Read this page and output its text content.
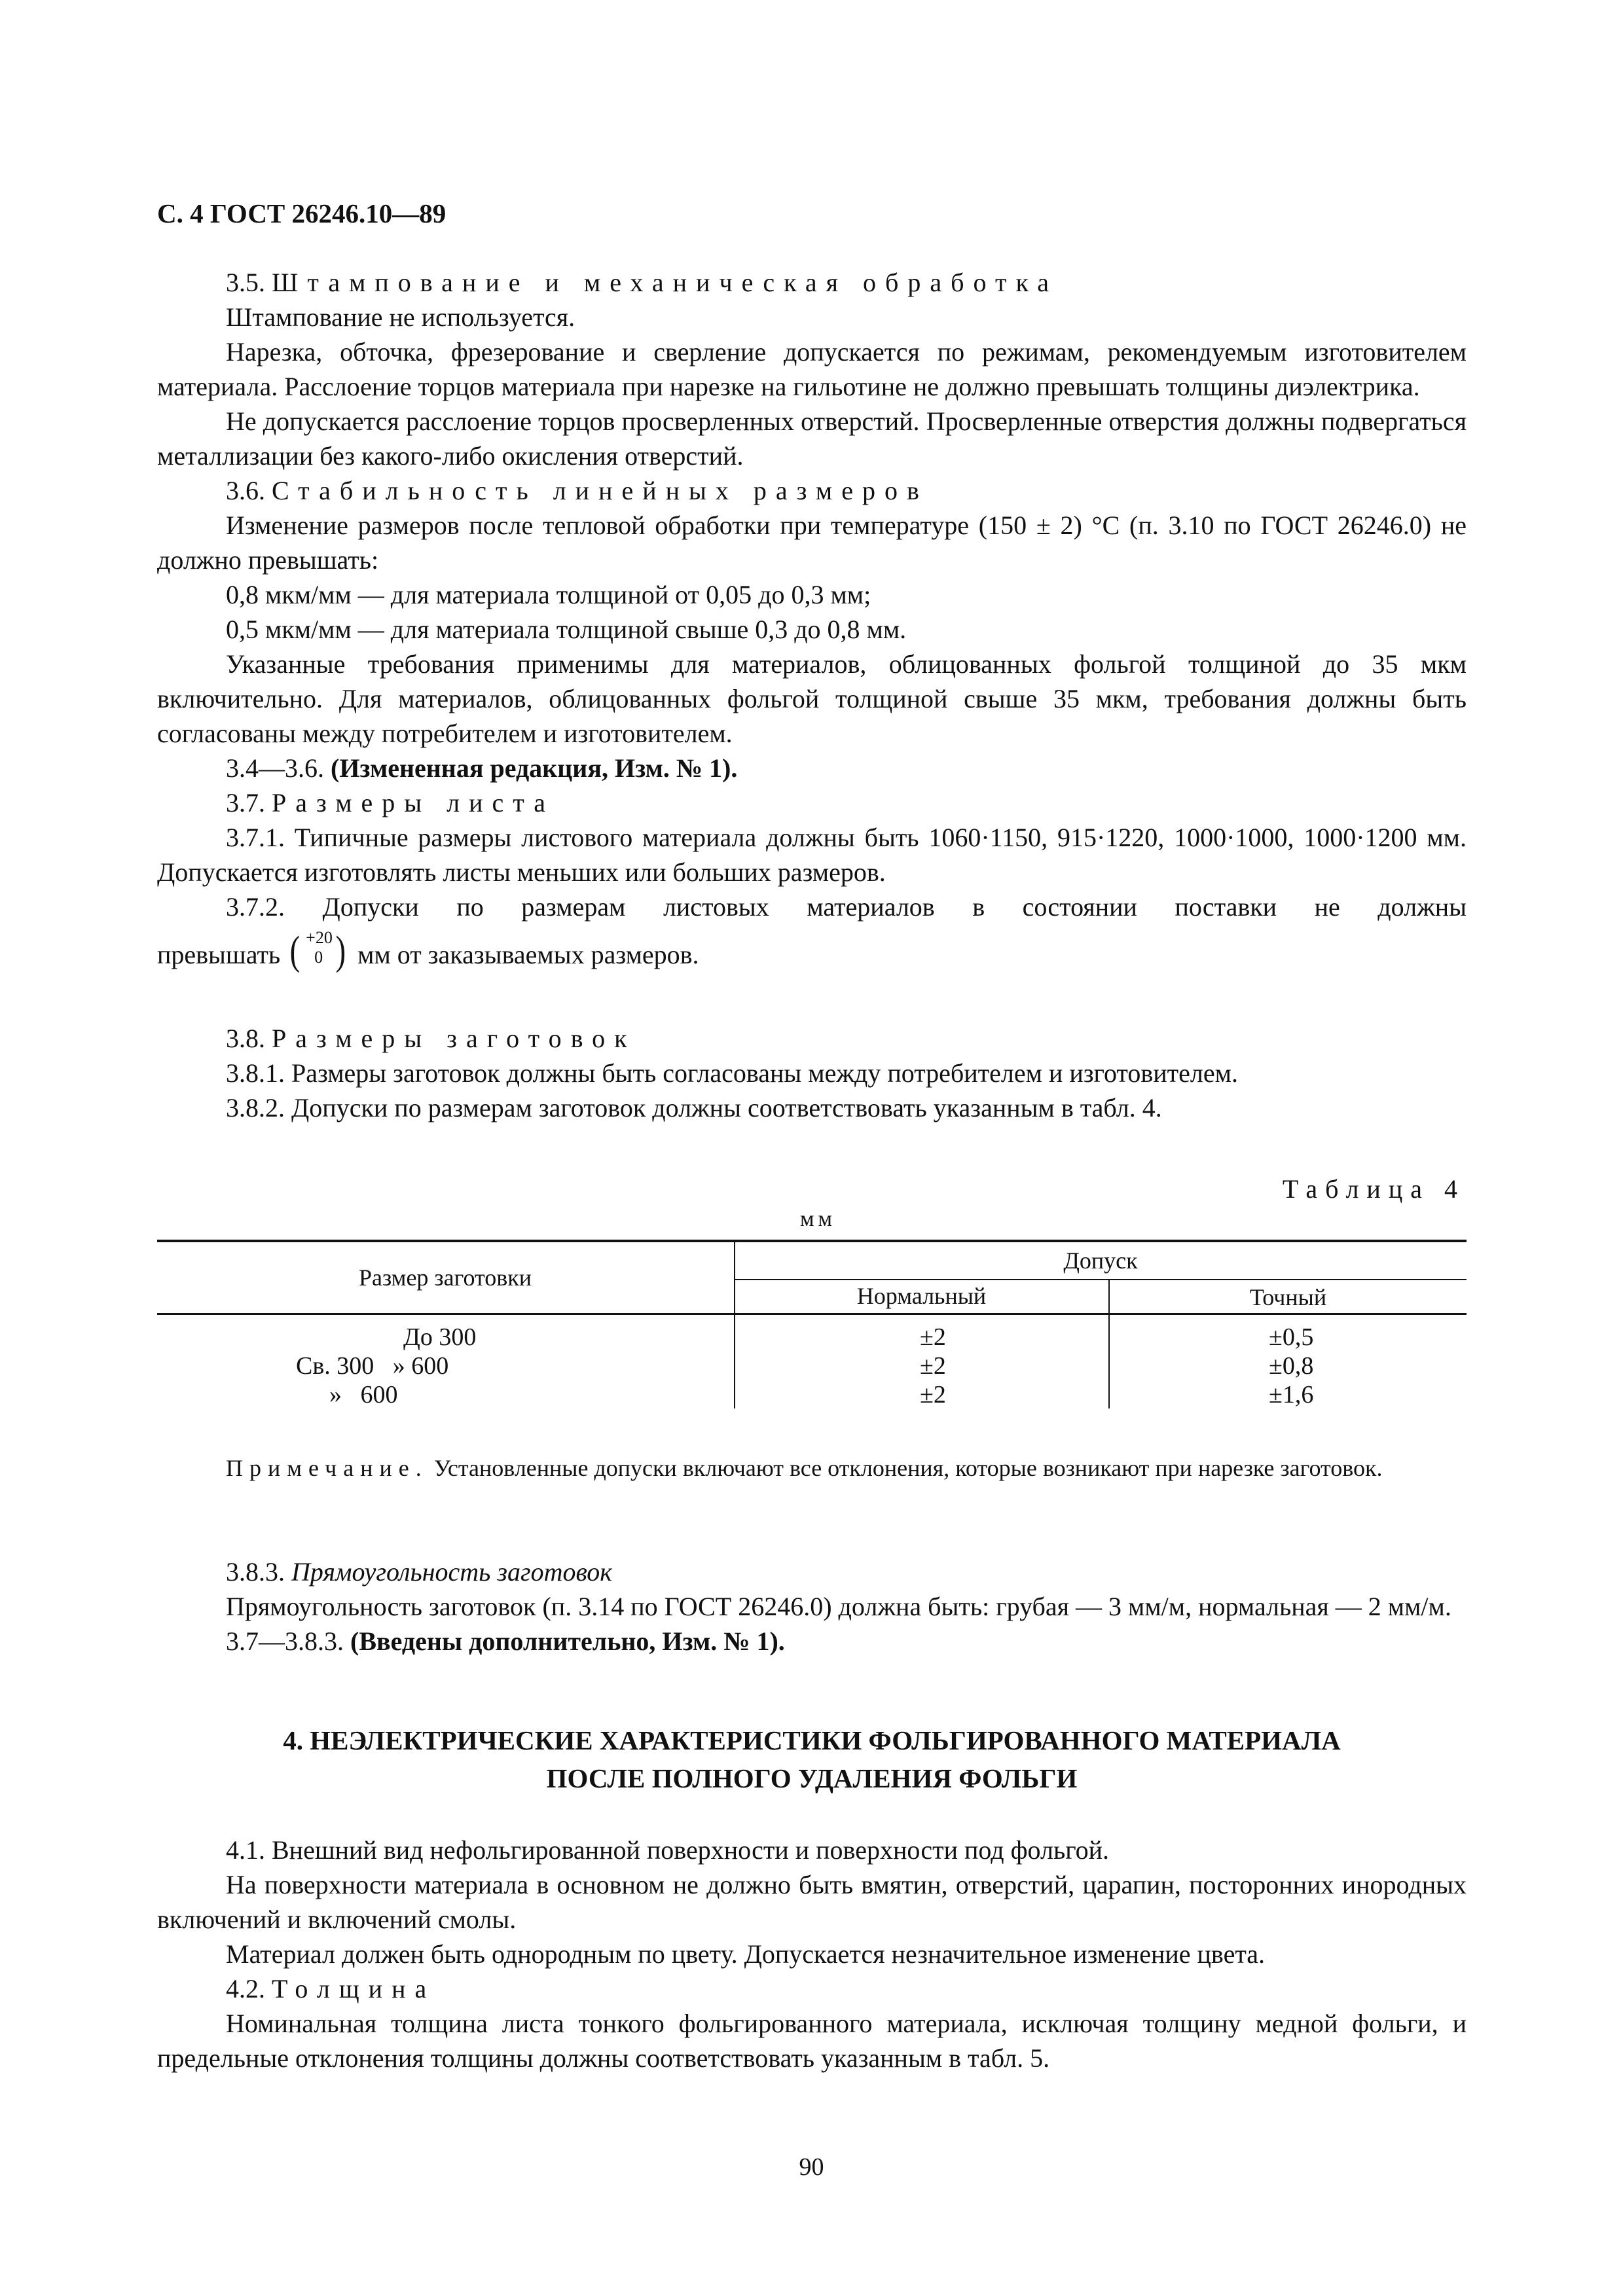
С. 4 ГОСТ 26246.10—89

3.5. Штампование и механическая обработка

Штампование не используется.

Нарезка, обточка, фрезерование и сверление допускается по режимам, рекомендуемым изготовителем материала. Расслоение торцов материала при нарезке на гильотине не должно превышать толщины диэлектрика.

Не допускается расслоение торцов просверленных отверстий. Просверленные отверстия должны подвергаться металлизации без какого-либо окисления отверстий.

3.6. Стабильность линейных размеров

Изменение размеров после тепловой обработки при температуре (150 ± 2) °С (п. 3.10 по ГОСТ 26246.0) не должно превышать:

0,8 мкм/мм — для материала толщиной от 0,05 до 0,3 мм;

0,5 мкм/мм — для материала толщиной свыше 0,3 до 0,8 мм.

Указанные требования применимы для материалов, облицованных фольгой толщиной до 35 мкм включительно. Для материалов, облицованных фольгой толщиной свыше 35 мкм, требования должны быть согласованы между потребителем и изготовителем.

3.4—3.6. (Измененная редакция, Изм. № 1).

3.7. Размеры листа

3.7.1. Типичные размеры листового материала должны быть 1060·1150, 915·1220, 1000·1000, 1000·1200 мм. Допускается изготовлять листы меньших или больших размеров.

3.7.2. Допуски по размерам листовых материалов в состоянии поставки не должны

превышать ( +20
0 ) мм от заказываемых размеров.

3.8. Размеры заготовок

3.8.1. Размеры заготовок должны быть согласованы между потребителем и изготовителем.

3.8.2. Допуски по размерам заготовок должны соответствовать указанным в табл. 4.

Таблица 4
мм
Размер заготовки
Допуск
Нормальный	Точный
До 300	±2	±0,5
Св. 300   » 600	±2	±0,8
»   600	±2	±1,6
Примечание. Установленные допуски включают все отклонения, которые возникают при нарезке заготовок.

3.8.3. Прямоугольность заготовок

Прямоугольность заготовок (п. 3.14 по ГОСТ 26246.0) должна быть: грубая — 3 мм/м, нормальная — 2 мм/м.

3.7—3.8.3. (Введены дополнительно, Изм. № 1).

4. НЕЭЛЕКТРИЧЕСКИЕ ХАРАКТЕРИСТИКИ ФОЛЬГИРОВАННОГО МАТЕРИАЛА
ПОСЛЕ ПОЛНОГО УДАЛЕНИЯ ФОЛЬГИ

4.1. Внешний вид нефольгированной поверхности и поверхности под фольгой.

На поверхности материала в основном не должно быть вмятин, отверстий, царапин, посторонних инородных включений и включений смолы.

Материал должен быть однородным по цвету. Допускается незначительное изменение цвета.

4.2. Толщина

Номинальная толщина листа тонкого фольгированного материала, исключая толщину медной фольги, и предельные отклонения толщины должны соответствовать указанным в табл. 5.

90
